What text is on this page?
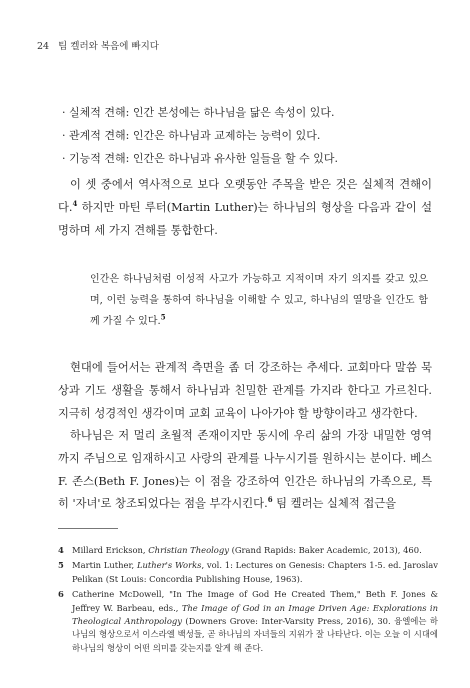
24 팀 켈러와 복음에 빠지다
· 실체적 견해: 인간 본성에는 하나님을 닮은 속성이 있다.
· 관계적 견해: 인간은 하나님과 교제하는 능력이 있다.
· 기능적 견해: 인간은 하나님과 유사한 일들을 할 수 있다.

이 셋 중에서 역사적으로 보다 오랫동안 주목을 받은 것은 실체적 견해이다.$^4$ 하지만 마틴 루터(Martin Luther)는 하나님의 형상을 다음과 같이 설명하며 세 가지 견해를 통합한다.

인간은 하나님처럼 이성적 사고가 가능하고 지적이며 자기 의지를 갖고 있으며, 이런 능력을 통하여 하나님을 이해할 수 있고, 하나님의 열망을 인간도 함께 가질 수 있다.$^5$

현대에 들어서는 관계적 측면을 좀 더 강조하는 추세다. 교회마다 말씀 묵상과 기도 생활을 통해서 하나님과 친밀한 관계를 가지라 한다고 가르친다. 지극히 성경적인 생각이며 교회 교육이 나아가야 할 방향이라고 생각한다.

하나님은 저 멀리 초월적 존재이지만 동시에 우리 삶의 가장 내밀한 영역까지 주님으로 임재하시고 사랑의 관계를 나누시기를 원하시는 분이다. 베스 F. 존스(Beth F. Jones)는 이 점을 강조하여 인간은 하나님의 가족으로, 특히 '자녀'로 창조되었다는 점을 부각시킨다.$^6$ 팀 켈러는 실체적 접근을

4 Millard Erickson, Christian Theology (Grand Rapids: Baker Academic, 2013), 460.
5 Martin Luther, Luther's Works, vol. 1: Lectures on Genesis: Chapters 1-5. ed. Jaroslav Pelikan (St Louis: Concordia Publishing House, 1963).
6 Catherine McDowell, "In The Image of God He Created Them," Beth F. Jones & Jeffrey W. Barbeau, eds., The Image of God in an Image Driven Age: Explorations in Theological Anthropology (Downers Grove: Inter-Varsity Press, 2016), 30. 융엘에는 하나님의 형상으로서 이스라엘 백성들, 곧 하나님의 자녀들의 지위가 잘 나타난다. 이는 오늘 이 시대에 하나님의 형상이 어떤 의미를 갖는지를 알게 해 준다.
